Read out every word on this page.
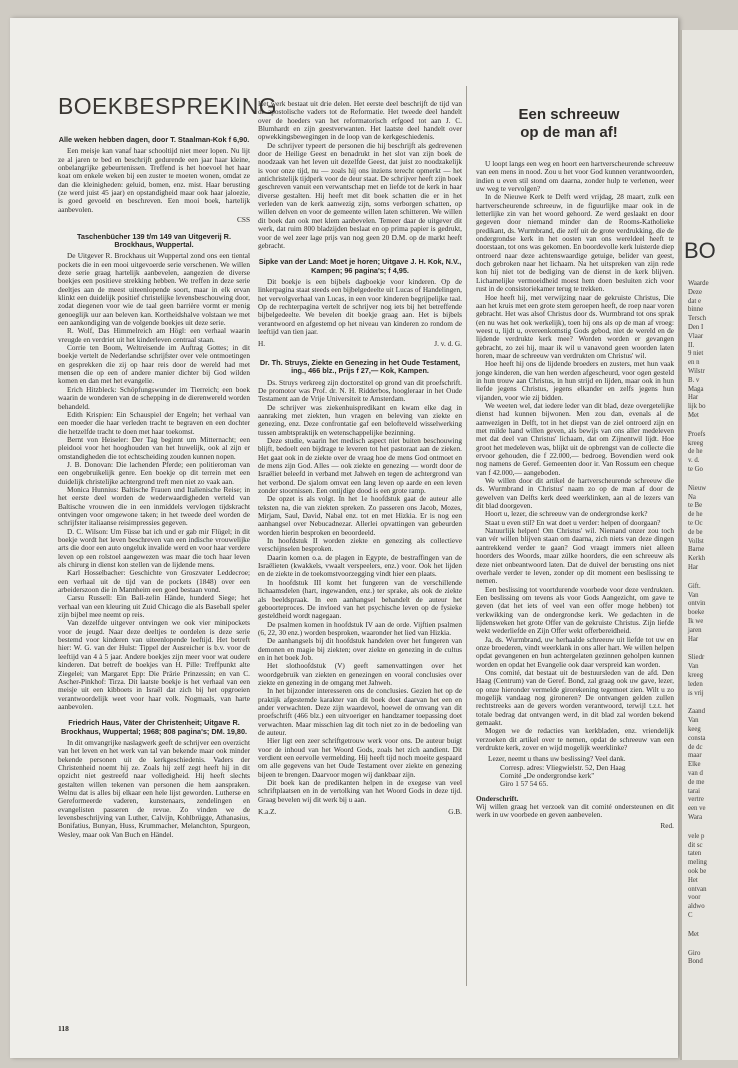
BOEKBESPREKING
Alle weken hebben dagen, door T. Staalman-Kok f 6,90.

Een meisje kan vanaf haar schooltijd niet meer lopen. Nu lijt ze al jaren te bed en beschrijft gedurende een jaar haar kleine, onbelangrijke gebeurtenissen. Treffend is het hoevoel het haar koat om enkele weken bij een zuster te moeten wonen, omdat ze dan die kleinigheden: geluid, bomen, enz. mist. Haar berusting (ze werd juist 45 jaar) en opstandigheid maar ook haar jaloezie, is goed gevoeld en beschreven. Een mooi boek, hartelijk aanbevolen.

CSS
Taschenbücher 139 t/m 149 van Uitgeverij R. Brockhaus, Wuppertal.

De Uitgever R. Brockhaus uit Wuppertal zond ons een tiental pockets die in een mooi uitgevoerde serie verschenen. We willen deze serie graag hartelijk aanbevelen, aangezien de diverse boekjes een positieve strekking hebben. We treffen in deze serie deeltjes aan de meest uiteenlopende soort, maar in elk ervan klinkt een duidelijk positief christelijke levensbeschouwing door, zodat diegenen voor wie de taal geen barrière vormt er menig genoeglijk uur aan beleven kan. Kortheidshalve volstaan we met een aankondiging van de volgende boekjes uit deze serie.

R. Wolf, Das Himmelreich am Högl: een verhaal waarin vreugde en verdriet uit het kinderleven centraal staan.

Corrie ten Boom, Weltreisende im Auftrag Gottes; in dit boekje vertelt de Nederlandse schrijfster over vele ontmoetingen en gesprekken die zij op haar reis door de wereld had met mensen die op een of andere manier dichter bij God wilden komen en dan met het evangelie.

Erich Hitzbleck: Schöpfungswunder im Tierreich; een boek waarin de wonderen van de schepping in de dierenwereld worden behandeld.

Edith Krispien: Ein Schauspiel der Engeln; het verhaal van een moeder die haar verleden tracht te begraven en een dochter die hetzelfde tracht te doen met haar toekomst.

Bernt von Heiseler: Der Tag beginnt um Mitternacht; een pleidooi voor het hooghouden van het huwelijk, ook al zijn er omstandigheden die tot echtscheiding zouden kunnen nopen.

J. B. Donovan: Die lachenden Pferde; een politieroman van een ongebruikelijk genre. Een boekje op dit terrein met een duidelijk christelijke achtergrond treft men niet zo vaak aan.

Monica Hunnius: Baltische Frauen und Italienische Reise; in het eerste deel worden de wederwaardigheden verteld van Baltische vrouwen die in een inmiddels vervlogen tijdskracht ontvingen voor omgewone taken; in het tweede deel worden de schrijfster italiaanse reisimpressies gegeven.

D. C. Wilson: Um Füsse bat ich und er gab mir Flügel; in dit boekje wordt het leven beschreven van een indische vrouwelijke arts die door een auto ongeluk invalide werd en voor haar verdere leven op een rolstoel aangewezen was maar die toch haar leven als chirurg in dienst kon stellen van de lijdende mens.

Karl Hosselbacher: Geschichte von Groszvater Leddecroe; een verhaal uit de tijd van de pockets (1848) over een arbeiderszoon die in Mannheim een goed bestaan vond.

Carsu Russell: Ein Ball-zelin Hände, hunderd Siege; het verhaal van een kleuring uit Zuid Chicago die als Baseball speler zijn bijbel mee neemt op reis.

Van dezelfde uitgever ontvingen we ook vier minipockets voor de jeugd. Naar deze deeltjes te oordelen is deze serie bestemd voor kinderen van uiteenlopende leeftijd. Het betreft hier: W. G. van der Hulst: Tippel der Ausreicher is b.v. voor de leeftijd van 4 à 5 jaar. Andere boekjes zijn meer voor wat oudere kinderen. Dat betreft de boekjes van H. Pille: Treffpunkt alte Ziegelei; van Margaret Epp: Die Prärie Prinzessin; en van C. Ascher-Pinkhof: Tirza. Dit laatste boekje is het verhaal van een meisje uit een kibboets in Israël dat zich bij het opgroeien verantwoordelijk weet voor haar volk. Nogmaals, van harte aanbevolen.

Friedrich Haus, Väter der Christenheit; Uitgave R. Brockhaus, Wuppertal; 1968; 808 pagina's; DM. 19,80.

In dit omvangrijke naslagwerk geeft de schrijver een overzicht van het leven en het werk van tal van bekende maar ook minder bekende personen uit de kerkgeschiedenis. Vaders der Christenheid noemt hij ze. Zoals hij zelf zegt heeft hij in dit opzicht niet gestreefd naar volledigheid. Hij heeft slechts gestalten willen tekenen van personen die hem aanspraken. Welnu dat is alles bij elkaar een hele lijst geworden. Lutherse en Gereformeerde vaderen, kunstenaars, zendelingen en evangelisten passeren de revue. Zo vinden we de levensbeschrijving van Luther, Calvijn, Kohlbrügge, Athanasius, Bonifatius, Bunyan, Huss, Krummacher, Melanchton, Spurgeon, Wesley, maar ook Van Buch en Händel.

Het werk bestaat uit drie delen. Het eerste deel beschrijft de tijd van de apostolische vaders tot de Reformatie. Het tweede deel handelt over de hoeders van het reformatorisch erfgoed tot aan J. C. Blumhardt en zijn geestverwanten. Het laatste deel handelt over opwekkingsbewegingen in de loop van de kerkgeschiedenis.

De schrijver typeert de personen die hij beschrijft als gedrevenen door de Heilige Geest en benadrukt in het slot van zijn boek de noodzaak van het leven uit dezelfde Geest, dat juist zo noodzakelijk is voor onze tijd, nu — zoals hij ons inziens terecht opmerkt — het antichristelijk tijdperk voor de deur staat. De schrijver heeft zijn boek geschreven vanuit een verwantschap met en liefde tot de kerk in haar diverse gestalten. Hij heeft met dit boek schatten die er in het verleden van de kerk aanwezig zijn, soms verborgen schatten, op willen delven en voor de gemeente willen laten schitteren. We willen dit boek dan ook met klem aanbevelen. Temeer daar de uitgever dit werk, dat ruim 800 bladzijden beslaat en op prima papier is gedrukt, voor de wel zeer lage prijs van nog geen 20 D.M. op de markt heeft gebracht.

Sipke van der Land: Moet je horen; Uitgave J. H. Kok, N.V., Kampen; 96 pagina's; f 4,95.

Dit boekje is een bijbels dagboekje voor kinderen. Op de linkerpagina staat steeds een bijbelgedeelte uit Lucas of Handelingen, het vervolgverhaal van Lucas, in een voor kinderen begrijpelijke taal. Op de rechterpagina vertelt de schrijver nog iets bij het betreffende bijbelgedeelte. We bevelen dit boekje graag aan. Het is bijbels verantwoord en afgestemd op het niveau van kinderen zo rondom de leeftijd van tien jaar.

H.	J. v. d. G.
Dr. Th. Struys, Ziekte en Genezing in het Oude Testament, ing., 466 blz., Prijs f 27,— Kok, Kampen.

Ds. Struys verkreeg zijn doctorstitel op grond van dit proefschrift. De promotor was Prof. dr. N. H. Ridderbos, hoogleraar in het Oude Testament aan de Vrije Universiteit te Amsterdam.

De schrijver was ziekenhuispredikant en kwam elke dag in aanraking met ziekten, hun vragen en beleving van ziekte en genezing, enz. Deze confrontatie gaf een belofteveld wisselwerking tussen ambtspraktijk en wetenschappelijke bezinning.

Deze studie, waarin het medisch aspect niet buiten beschouwing blijft, bedoelt een bijdrage te leveren tot het pastoraat aan de zieken. Het gaat ook in de ziekte over de vraag hoe de mens God ontmoet en de mens zijn God. Alles — ook ziekte en genezing — wordt door de Israëliet beleefd in verband met Jahweh en tegen de achtergrond van het verbond. De sjalom omvat een lang leven op aarde en een leven zonder stoornissen. Een ontijdige dood is een grote ramp.

De opzet is als volgt. In het 1e hoofdstuk gaat de auteur alle teksten na, die van ziekten spreken. Zo passeren ons Jacob, Mozes, Mirjam, Saul, David, Nabal enz. tot en met Hizkia. Er is nog een aanhangsel over Nebucadnezar. Allerlei opvattingen van gebeurden worden hierin besproken en beoordeeld.

In hoofdstuk II worden ziekte en genezing als collectieve verschijnselen besproken.

Daarin komen o.a. de plagen in Egypte, de bestraffingen van de Israëlieten (kwakkels, vwaalt verspeelers, enz.) voor. Ook het lijden en de ziekte in de toekomstvoorzegging vindt hier een plaats.

In hoofdstuk III komt het fungeren van de verschillende lichaamsdelen (hart, ingewanden, enz.) ter sprake, als ook de ziekte als beeldspraak. In een aanhangsel behandelt de auteur het geboorteproces. De invloed van het psychische leven op de fysieke gesteldheid wordt nagegaan.

De psalmen komen in hoofdstuk IV aan de orde. Vijftien psalmen (6, 22, 30 enz.) worden besproken, waaronder het lied van Hizkia.

De aanhangsels bij dit hoofdstuk handelen over het fungeren van demonen en magie bij ziekten; over ziekte en genezing in de cultus en in het boek Job.

Het slothoofdstuk (V) geeft samenvattingen over het woordgebruik van ziekten en genezingen en vooral conclusies over ziekte en genezing in de omgang met Jahweh.

In het bijzonder interesseren ons de conclusies. Gezien het op de praktijk afgestemde karakter van dit boek doet daarvan het een en ander verwachten. Deze zijn waardevol, hoewel de omvang van dit proefschrift (466 blz.) een uitvoeriger en handzamer toepassing doet verwachten. Maar misschien lag dit toch niet zo in de bedoeling van de auteur.

Hier ligt een zeer schriftgetrouw werk voor ons. De auteur buigt voor de inhoud van het Woord Gods, zoals het zich aandient. Dit verdient een eervolle vermelding. Hij heeft tijd noch moeite gespaard om alle gegevens van het Oude Testament over ziekte en genezing bijeen te brengen. Daarvoor mogen wij dankbaar zijn.

Dit boek kan de predikanten helpen in de exegese van veel schriftplaatsen en in de vertolking van het Woord Gods in deze tijd. Graag bevelen wij dit werk bij u aan.

K.a.Z.	G.B.
Een schreeuw
op de man af!

U loopt langs een weg en hoort een hartverscheurende schreeuw van een mens in nood. Zou u het voor God kunnen verantwoorden, indien u even stil stond om daarna, zonder hulp te verlenen, weer uw weg te vervolgen?

In de Nieuwe Kerk te Delft werd vrijdag, 28 maart, zulk een hartverscheurende schreeuw, in de figuurlijke maar ook in de letterlijke zin van het woord gehoord. Ze werd geslaakt en door gegeven door niemand minder dan de Rooms-Katholieke predikant, ds. Wurmbrand, die zelf uit de grote verdrukking, die de ondergrondse kerk in het oosten van ons wereldeel heeft te doorstaan, tot ons was gekomen. En boordevolle kerk luisterde diep ontroerd naar deze achtenswaardige getuige, belider van geest, doch gebroken naar het lichaam. Na het uitspreken van zijn rede kon hij niet tot de bediging van de dienst in de kerk blijven. Lichamelijke vermoeidheid moest hem doen besluiten zich voor rust in de consistoriekamer terug te trekken.

Hoe heeft hij, met verwijzing naar de gekruiste Christus, Die aan het kruis met een grote stem geroepen heeft, de roep naar voren gebracht. Het was alsof Christus door ds. Wurmbrand tot ons sprak (en nu was het ook werkelijk), toen hij ons als op de man af vroeg: weest u, lijdt u, overeenkomstig Gods gebod, niet de wereld en de lijdende verdrukte kerk mee? Worden worden er gevangen gebracht, zo zei hij, maar ik wil u vanavond geen woorden laten horen, maar de schreeuw van verdrukten om Christus' wil.

Hoe heeft hij ons de lijdende broeders en zusters, met hun vaak jonge kinderen, die van hen werden afgescheurd, voor ogen gesteld in hun trouw aan Christus, in hun strijd en lijden, maar ook in hun liefde jegens Christus, jegens elkander en zelfs jegens hun vijanden, voor wie zij bidden.

We weeten wel, dat iedere leder van dit blad, deze overgetelijke dienst had kunnen bijwonen. Men zou dan, evenals al de aanwezigen in Delft, tot in het diepst van de ziel ontroerd zijn en met milde hand willen geven, als bewijs van ons aller medeleven met dat deel van Christus' lichaam, dat om Zijnentwil lijdt. Hoe groot het medeleven was, blijkt uit de opbrengst van de collecte die ervoor gehouden, die f 22.000,— bedroeg. Bovendien werd ook nog namens de Geref. Gemeenten door ir. Van Rossum een cheque van f 42.000,— aangeboden.

We willen door dit artikel de hartverscheurende schreeuw die ds. Wurmbrand in Christus' naam zo op de man af door de gewelven van Delfts kerk deed weerklinken, aan al de lezers van dit blad doorgeven.

Hoort u, lezer, die schreeuw van de ondergrondse kerk?

Staat u even stil? En wat doet u verder: helpen of doorgaan?

Natuurlijk helpen! Om Christus' wil. Niemand onzer zou toch van vér willen blijven staan om daarna, zich niets van deze dingen aantrekkend verder te gaan? God vraagt immers niet alleen hoorders des Woords, maar zúlke hoorders, die een schreeuw als deze niet onbeantwoord laten. Dat de duivel der berusting ons niet overhale verder te leven, zonder op dit moment een beslissing te nemen.

Een beslissing tot voortdurende voorbede voor deze verdrukten. Een beslissing om tevens als voor Gods Aangezicht, om gave te geven (dat het iets of veel van een offer moge hebben) tot verkwikking van de ondergrondse kerk. We gedachten in de lijdensweken het grote Offer van de gekruiste Christus. Zijn liefde wekt wederliefde en Zijn Offer wekt offerbereidheid.

Ja, ds. Wurmbrand, uw herhaalde schreeuw uit liefde tot uw en onze broederen, vindt weerklank in ons aller hart. We willen helpen opdat gevangenen en hun achtergelaten gezinnen geholpen kunnen worden en opdat het Evangelie ook daar verspreid kan worden.

Ons comité, dat bestaat uit de bestuursleden van de afd. Den Haag (Centrum) van de Geref. Bond, zal graag ook uw gave, lezer, op onze hieronder vermelde girorekening tegemoet zien. Wilt u zo mogelijk vandaag nog gironeren? De ontvangen gelden zullen rechtstreeks aan de gevers worden verantwoord, terwijl t.z.t. het totale bedrag dat ontvangen werd, in dit blad zal worden bekend gemaakt.

Mogen we de redacties van kerkbladen, enz. vriendelijk verzoeken dit artikel over te nemen, opdat de schreeuw van een verdrukte kerk, zover en wijd mogelijk weerklinke?

Lezer, neemt u thans uw beslissing? Veel dank.
Corresp. adres: Vliegwielstr. 52, Den Haag
Comité „De ondergrondse kerk"
Giro 1 57 54 65.
Onderschrift.

Wij willen graag het verzoek van dit comité ondersteunen en dit werk in uw voorbede en geven aanbevelen.

Red.
118
BO
Waarde
Deze
dat e
binne
Tersch
Den I
Vlaar
II.
9 niet
en n
Wilstr
B. v
Maga
Har
lijk bo
Met
Proefs
kreeg
de he
v. d.
te Go
Nieuw
Na
te Be
de he
te Oc
de be
Vollst
Barne
Kerkh
Har
Gift.
Van
ontvin
boeke
Ik we
jaren
Har
Sliedr
Van
kreeg
leden
is vrij
Zaand
Van
keeg
consta
de dc
maar
Elke
van d
de me
tarai
vertre
een ve
Wara
vele p
dit sc
taten
meling
ook be
Het
ontvan
voor
aldwo
C
Met
Giro
Bond
